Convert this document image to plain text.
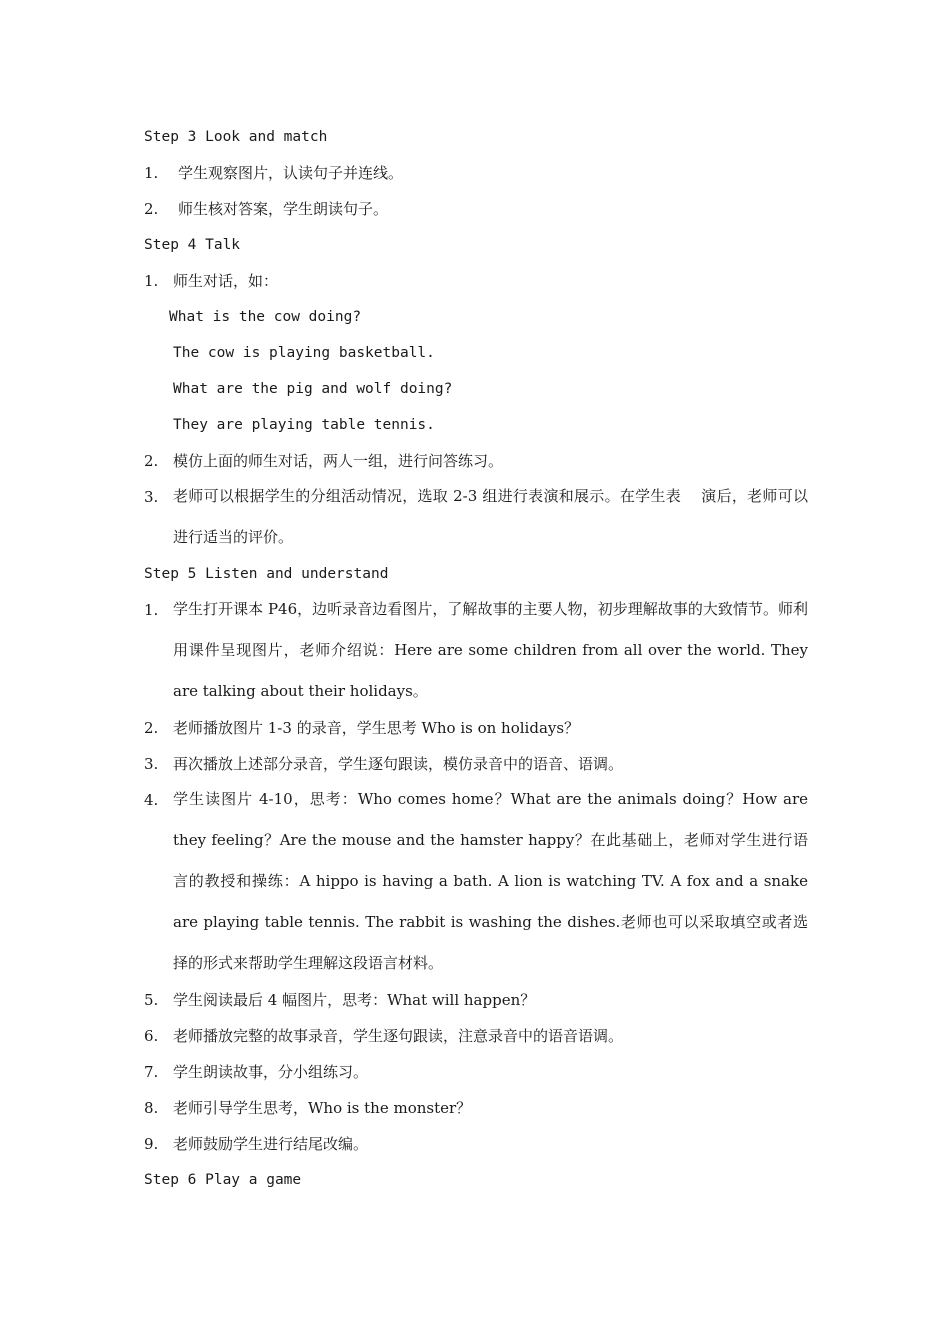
Step 3 Look and match
1. 学生观察图片，认读句子并连线。
2. 师生核对答案，学生朗读句子。
Step 4 Talk
1. 师生对话，如：
What is the cow doing?
The cow is playing basketball.
What are the pig and wolf doing?
They are playing table tennis.
2. 模仿上面的师生对话，两人一组，进行问答练习。
3. 老师可以根据学生的分组活动情况，选取 2-3 组进行表演和展示。在学生表　 演后，老师可以进行适当的评价。
Step 5 Listen and understand
1. 学生打开课本 P46，边听录音边看图片，了解故事的主要人物，初步理解故事的大致情节。师利用课件呈现图片，老师介绍说：Here are some children from all over the world. They are talking about their holidays。
2. 老师播放图片 1-3 的录音，学生思考 Who is on holidays？
3. 再次播放上述部分录音，学生逐句跟读，模仿录音中的语音、语调。
4. 学生读图片 4-10，思考：Who comes home？What are the animals doing？How are they feeling？Are the mouse and the hamster happy？在此基础上，老师对学生进行语言的教授和操练：A hippo is having a bath. A lion is watching TV. A fox and a snake are playing table tennis. The rabbit is washing the dishes.老师也可以采取填空或者选择的形式来帮助学生理解这段语言材料。
5. 学生阅读最后 4 幅图片，思考：What will happen？
6. 老师播放完整的故事录音，学生逐句跟读，注意录音中的语音语调。
7. 学生朗读故事，分小组练习。
8. 老师引导学生思考，Who is the monster？
9. 老师鼓励学生进行结尾改编。
Step 6 Play a game
